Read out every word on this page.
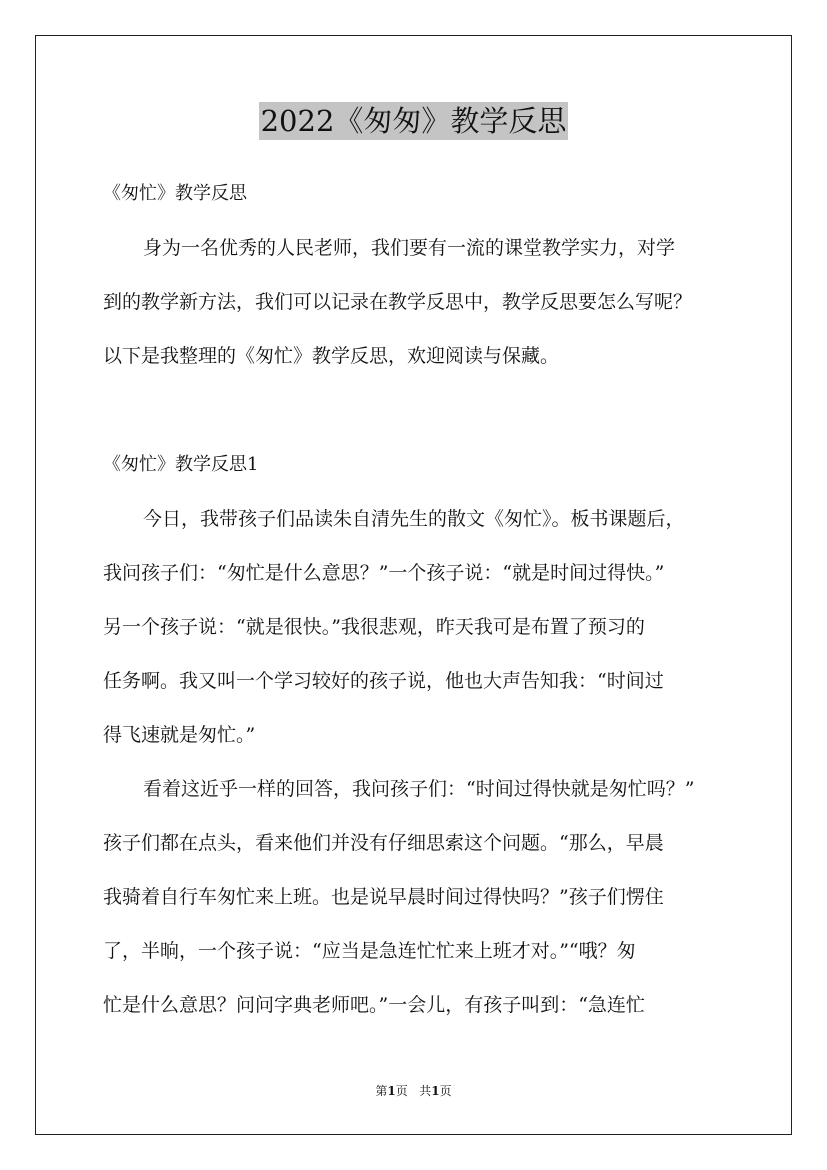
2022《匆匆》教学反思
《匆忙》教学反思
身为一名优秀的人民老师，我们要有一流的课堂教学实力，对学
到的教学新方法，我们可以记录在教学反思中，教学反思要怎么写呢？
以下是我整理的《匆忙》教学反思，欢迎阅读与保藏。
《匆忙》教学反思1
今日，我带孩子们品读朱自清先生的散文《匆忙》。板书课题后，
我问孩子们：“匆忙是什么意思？”一个孩子说：“就是时间过得快。”
另一个孩子说：“就是很快。”我很悲观，昨天我可是布置了预习的
任务啊。我又叫一个学习较好的孩子说，他也大声告知我：“时间过
得飞速就是匆忙。”
看着这近乎一样的回答，我问孩子们：“时间过得快就是匆忙吗？”
孩子们都在点头，看来他们并没有仔细思索这个问题。“那么，早晨
我骑着自行车匆忙来上班。也是说早晨时间过得快吗？”孩子们愣住
了，半晌，一个孩子说：“应当是急连忙忙来上班才对。”“哦？匆
忙是什么意思？问问字典老师吧。”一会儿，有孩子叫到：“急连忙
第1页 共1页
